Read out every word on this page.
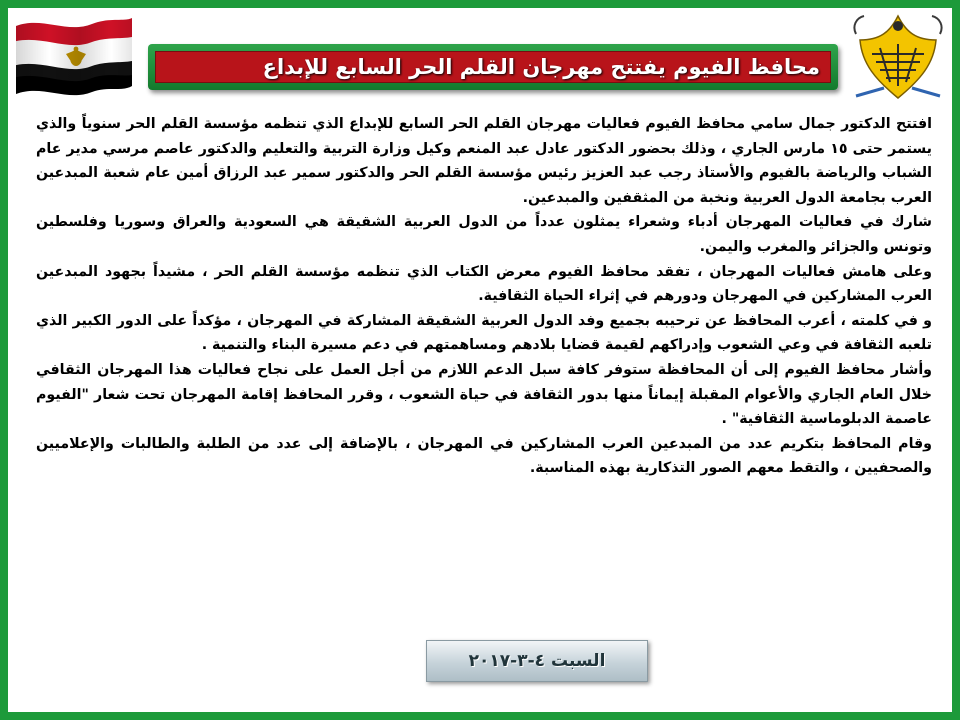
محافظ الفيوم يفتتح مهرجان القلم الحر السابع للإبداع

افتتح الدكتور جمال سامي محافظ الفيوم فعاليات مهرجان القلم الحر السابع للإبداع الذي تنظمه مؤسسة القلم الحر سنوياً والذي يستمر حتى ١٥ مارس الجاري ، وذلك بحضور الدكتور عادل عبد المنعم وكيل وزارة التربية والتعليم والدكتور عاصم مرسي مدير عام الشباب والرياضة بالفيوم والأستاذ رجب عبد العزيز رئيس مؤسسة القلم الحر والدكتور سمير عبد الرزاق أمين عام شعبة المبدعين العرب بجامعة الدول العربية ونخبة من المثقفين والمبدعين.

شارك في فعاليات المهرجان أدباء وشعراء يمثلون عدداً من الدول العربية الشقيقة هي السعودية والعراق وسوريا وفلسطين وتونس والجزائر والمغرب واليمن.

وعلى هامش فعاليات المهرجان ، تفقد محافظ الفيوم معرض الكتاب الذي تنظمه مؤسسة القلم الحر ، مشيداً بجهود المبدعين العرب المشاركين في المهرجان ودورهم في إثراء الحياة الثقافية.

و في كلمته ، أعرب المحافظ عن ترحيبه بجميع وفد الدول العربية الشقيقة المشاركة في المهرجان ، مؤكداً على الدور الكبير الذي تلعبه الثقافة في وعي الشعوب وإدراكهم لقيمة قضايا بلادهم ومساهمتهم في دعم مسيرة البناء والتنمية .

وأشار محافظ الفيوم إلى أن المحافظة ستوفر كافة سبل الدعم اللازم من أجل العمل على نجاح فعاليات هذا المهرجان الثقافي خلال العام الجاري والأعوام المقبلة إيماناً منها بدور الثقافة في حياة الشعوب ، وقرر المحافظ إقامة المهرجان تحت شعار "الفيوم عاصمة الدبلوماسية الثقافية" .

وقام المحافظ بتكريم عدد من المبدعين العرب المشاركين في المهرجان ، بالإضافة إلى عدد من الطلبة والطالبات والإعلاميين والصحفيين ، والتقط معهم الصور التذكارية بهذه المناسبة.

السبت ٤-٣-٢٠١٧
